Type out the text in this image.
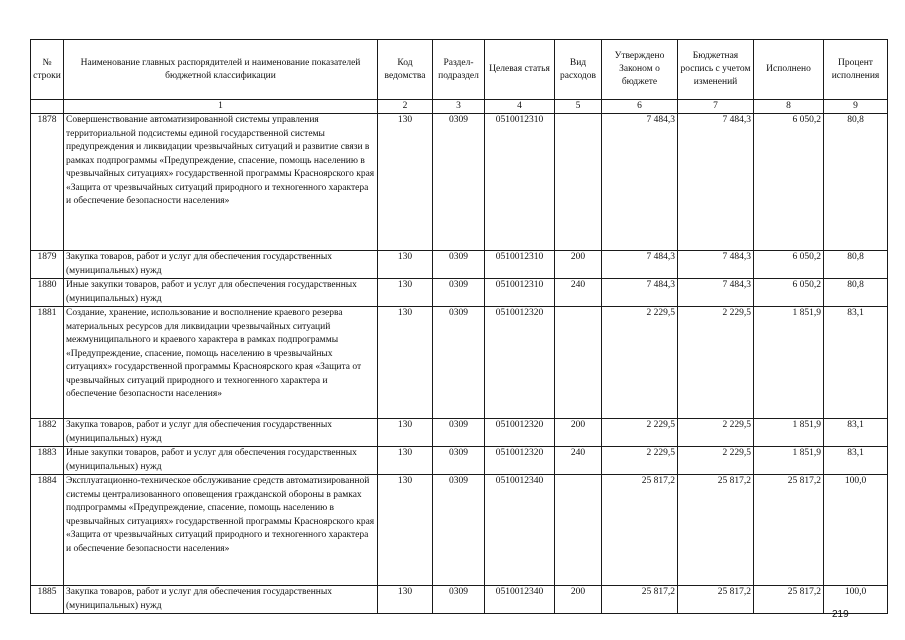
№ строки	Наименование главных распорядителей и наименование показателей бюджетной классификации	Код ведомства	Раздел-подраздел	Целевая статья	Вид расходов	Утверждено Законом о бюджете	Бюджетная роспись с учетом изменений	Исполнено	Процент исполнения
	1	2	3	4	5	6	7	8	9
1878	Совершенствование автоматизированной системы управления территориальной подсистемы единой государственной системы предупреждения и ликвидации чрезвычайных ситуаций и развитие связи в рамках подпрограммы «Предупреждение, спасение, помощь населению в чрезвычайных ситуациях» государственной программы Красноярского края «Защита от чрезвычайных ситуаций природного и техногенного характера и обеспечение безопасности населения»	130	0309	0510012310		7 484,3	7 484,3	6 050,2	80,8
1879	Закупка товаров, работ и услуг для обеспечения государственных (муниципальных) нужд	130	0309	0510012310	200	7 484,3	7 484,3	6 050,2	80,8
1880	Иные закупки товаров, работ и услуг для обеспечения государственных (муниципальных) нужд	130	0309	0510012310	240	7 484,3	7 484,3	6 050,2	80,8
1881	Создание, хранение, использование и восполнение краевого резерва материальных ресурсов для ликвидации чрезвычайных ситуаций межмуниципального и краевого характера в рамках подпрограммы «Предупреждение, спасение, помощь населению в чрезвычайных ситуациях» государственной программы Красноярского края «Защита от чрезвычайных ситуаций природного и техногенного характера и обеспечение безопасности населения»	130	0309	0510012320		2 229,5	2 229,5	1 851,9	83,1
1882	Закупка товаров, работ и услуг для обеспечения государственных (муниципальных) нужд	130	0309	0510012320	200	2 229,5	2 229,5	1 851,9	83,1
1883	Иные закупки товаров, работ и услуг для обеспечения государственных (муниципальных) нужд	130	0309	0510012320	240	2 229,5	2 229,5	1 851,9	83,1
1884	Эксплуатационно-техническое обслуживание средств автоматизированной системы централизованного оповещения гражданской обороны в рамках подпрограммы «Предупреждение, спасение, помощь населению в чрезвычайных ситуациях» государственной программы Красноярского края «Защита от чрезвычайных ситуаций природного и техногенного характера и обеспечение безопасности населения»	130	0309	0510012340		25 817,2	25 817,2	25 817,2	100,0
1885	Закупка товаров, работ и услуг для обеспечения государственных (муниципальных) нужд	130	0309	0510012340	200	25 817,2	25 817,2	25 817,2	100,0
219
